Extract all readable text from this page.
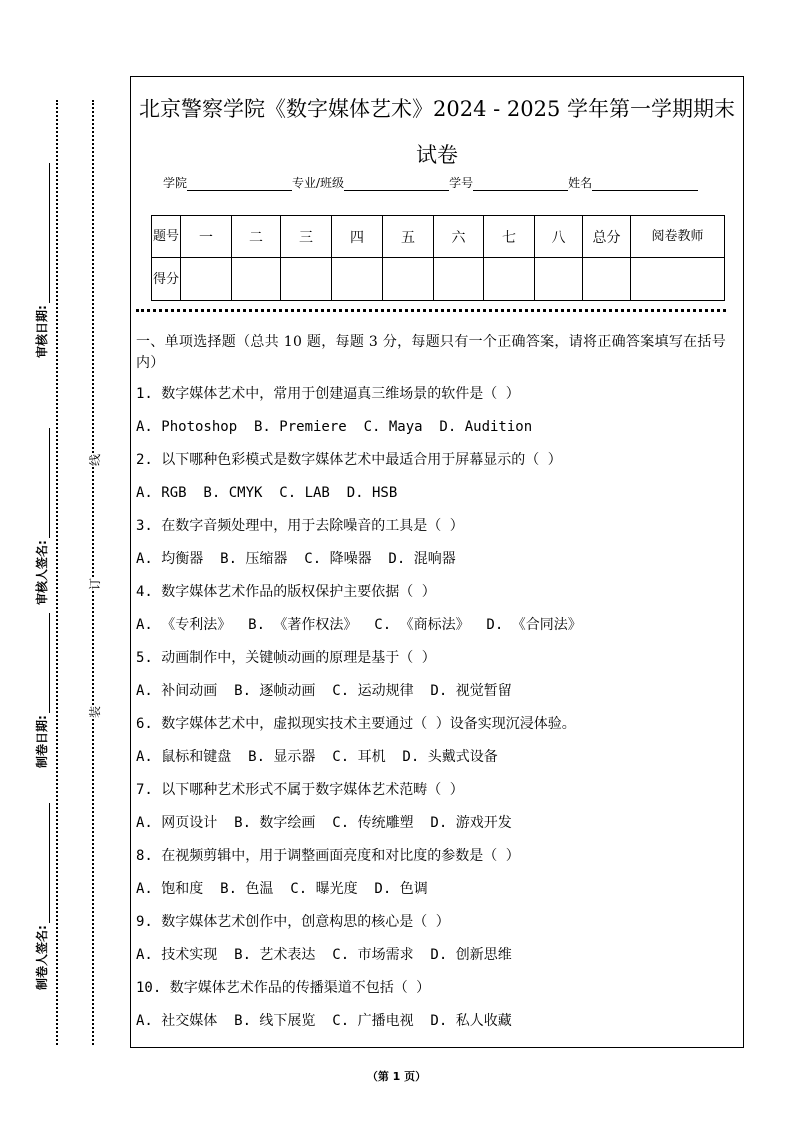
审核日期:
审核人签名:
制卷日期:
制卷人签名:
线
订
装
北京警察学院《数字媒体艺术》2024 - 2025 学年第一学期期末试卷
学院	专业/班级	学号	姓名
题号	一	二	三	四	五	六	七	八	总分	阅卷教师
得分										

一、单项选择题（总共 10 题，每题 3 分，每题只有一个正确答案，请将正确答案填写在括号内）

1. 数字媒体艺术中，常用于创建逼真三维场景的软件是（ ）

A. Photoshop  B. Premiere  C. Maya  D. Audition

2. 以下哪种色彩模式是数字媒体艺术中最适合用于屏幕显示的（ ）

A. RGB  B. CMYK  C. LAB  D. HSB

3. 在数字音频处理中，用于去除噪音的工具是（ ）

A. 均衡器  B. 压缩器  C. 降噪器  D. 混响器

4. 数字媒体艺术作品的版权保护主要依据（ ）

A. 《专利法》  B. 《著作权法》  C. 《商标法》  D. 《合同法》

5. 动画制作中，关键帧动画的原理是基于（ ）

A. 补间动画  B. 逐帧动画  C. 运动规律  D. 视觉暂留

6. 数字媒体艺术中，虚拟现实技术主要通过（ ）设备实现沉浸体验。

A. 鼠标和键盘  B. 显示器  C. 耳机  D. 头戴式设备

7. 以下哪种艺术形式不属于数字媒体艺术范畴（ ）

A. 网页设计  B. 数字绘画  C. 传统雕塑  D. 游戏开发

8. 在视频剪辑中，用于调整画面亮度和对比度的参数是（ ）

A. 饱和度  B. 色温  C. 曝光度  D. 色调

9. 数字媒体艺术创作中，创意构思的核心是（ ）

A. 技术实现  B. 艺术表达  C. 市场需求  D. 创新思维

10. 数字媒体艺术作品的传播渠道不包括（ ）

A. 社交媒体  B. 线下展览  C. 广播电视  D. 私人收藏

（第 1 页）
